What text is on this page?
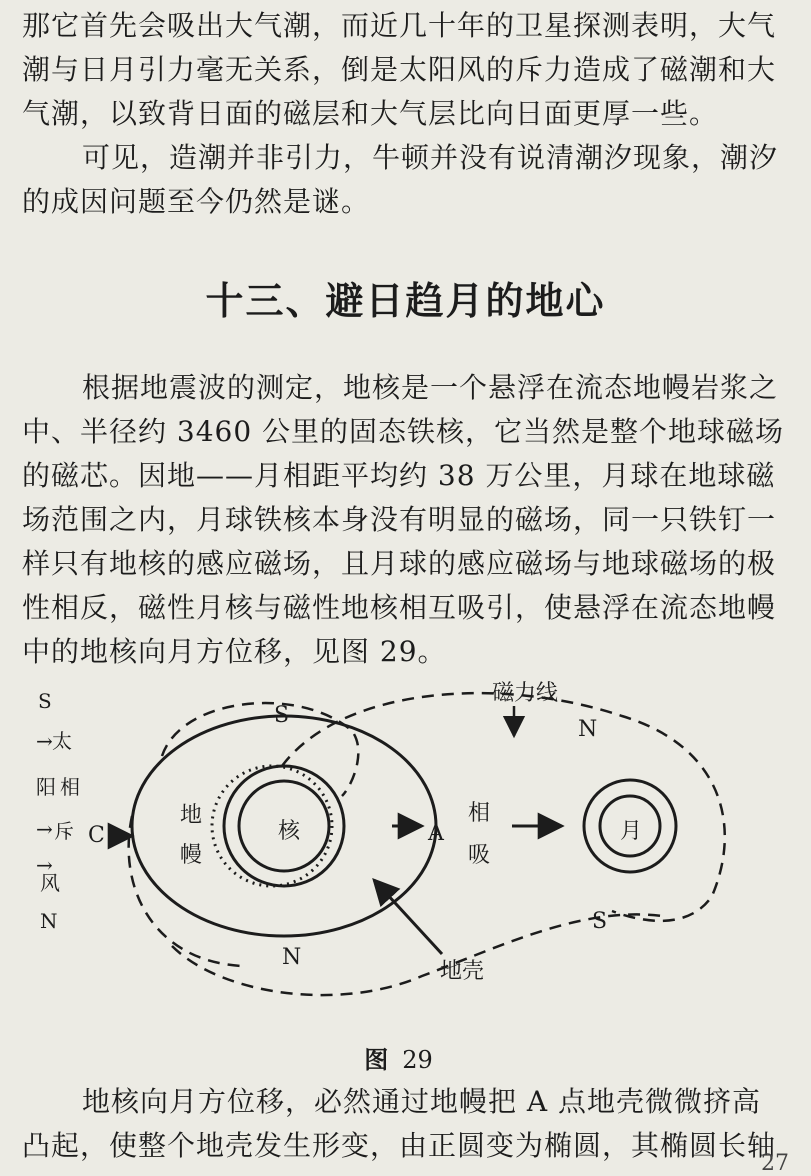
那它首先会吸出大气潮，而近几十年的卫星探测表明，大气
潮与日月引力毫无关系，倒是太阳风的斥力造成了磁潮和大
气潮，以致背日面的磁层和大气层比向日面更厚一些。
可见，造潮并非引力，牛顿并没有说清潮汐现象，潮汐
的成因问题至今仍然是谜。
十三、避日趋月的地心
根据地震波的测定，地核是一个悬浮在流态地幔岩浆之
中、半径约 3460 公里的固态铁核，它当然是整个地球磁场
的磁芯。因地——月相距平均约 38 万公里，月球在地球磁
场范围之内，月球铁核本身没有明显的磁场，同一只铁钉一
样只有地核的感应磁场，且月球的感应磁场与地球磁场的极
性相反，磁性月核与磁性地核相互吸引，使悬浮在流态地幔
中的地核向月方位移，见图 29。
S
→ 太
阳 相
→ 斥
→
风
N
磁力线
S
N
S
N
C	A
地
幔
核
相
吸
月
地壳
图 29
地核向月方位移，必然通过地幔把 A 点地壳微微挤高
凸起，使整个地壳发生形变，由正圆变为椭圆，其椭圆长轴
27
